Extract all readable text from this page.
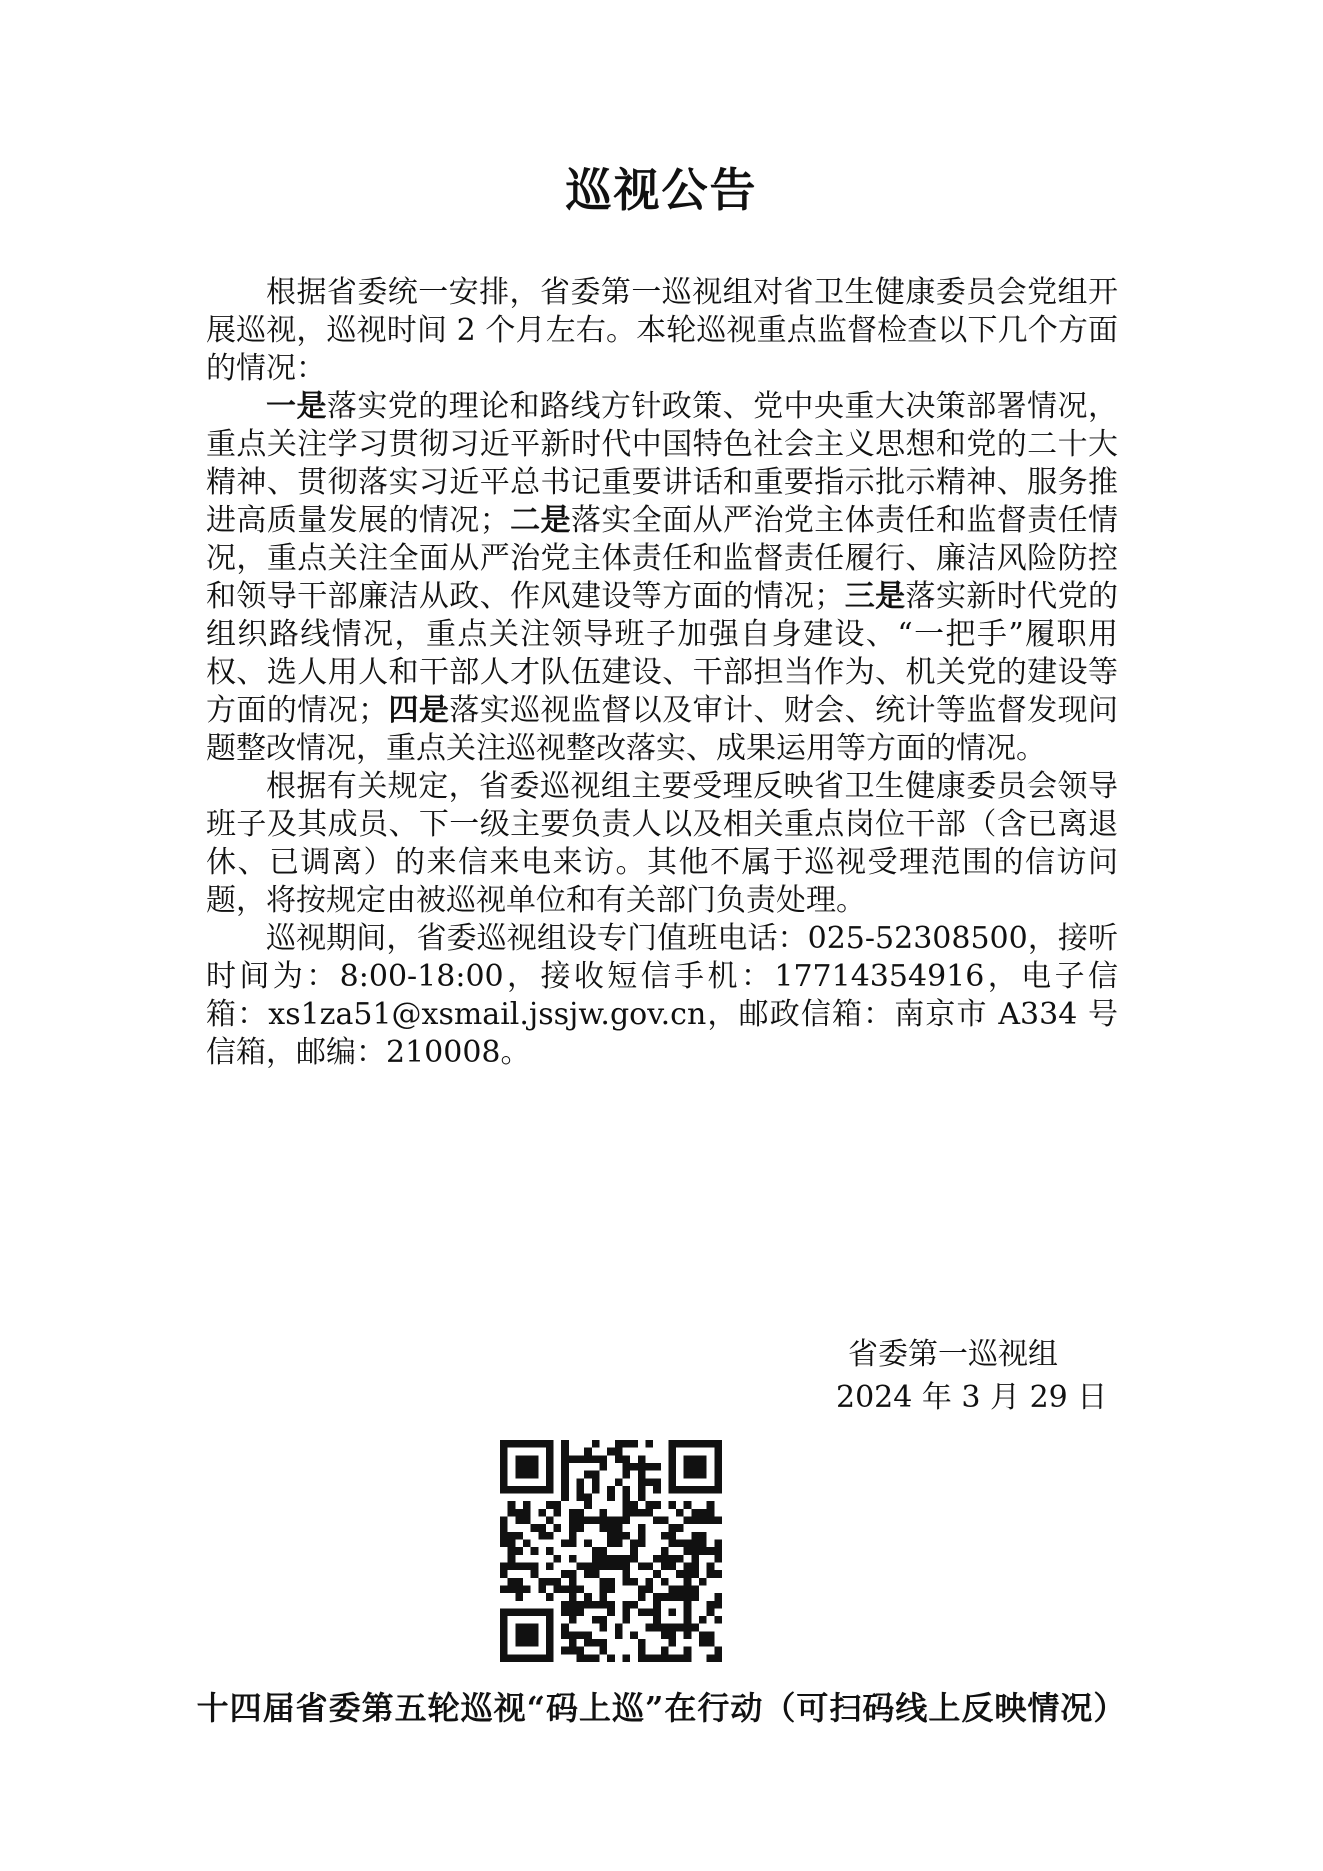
巡视公告

根据省委统一安排，省委第一巡视组对省卫生健康委员会党组开展巡视，巡视时间 2 个月左右。本轮巡视重点监督检查以下几个方面的情况：

一是落实党的理论和路线方针政策、党中央重大决策部署情况，重点关注学习贯彻习近平新时代中国特色社会主义思想和党的二十大精神、贯彻落实习近平总书记重要讲话和重要指示批示精神、服务推进高质量发展的情况；二是落实全面从严治党主体责任和监督责任情况，重点关注全面从严治党主体责任和监督责任履行、廉洁风险防控和领导干部廉洁从政、作风建设等方面的情况；三是落实新时代党的组织路线情况，重点关注领导班子加强自身建设、“一把手”履职用权、选人用人和干部人才队伍建设、干部担当作为、机关党的建设等方面的情况；四是落实巡视监督以及审计、财会、统计等监督发现问题整改情况，重点关注巡视整改落实、成果运用等方面的情况。

根据有关规定，省委巡视组主要受理反映省卫生健康委员会领导班子及其成员、下一级主要负责人以及相关重点岗位干部（含已离退休、已调离）的来信来电来访。其他不属于巡视受理范围的信访问题，将按规定由被巡视单位和有关部门负责处理。

巡视期间，省委巡视组设专门值班电话：025-52308500，接听时间为：8:00-18:00，接收短信手机：17714354916，电子信箱：xs1za51@xsmail.jssjw.gov.cn，邮政信箱：南京市 A334 号信箱，邮编：210008。

省委第一巡视组
2024 年 3 月 29 日
十四届省委第五轮巡视“码上巡”在行动（可扫码线上反映情况）
